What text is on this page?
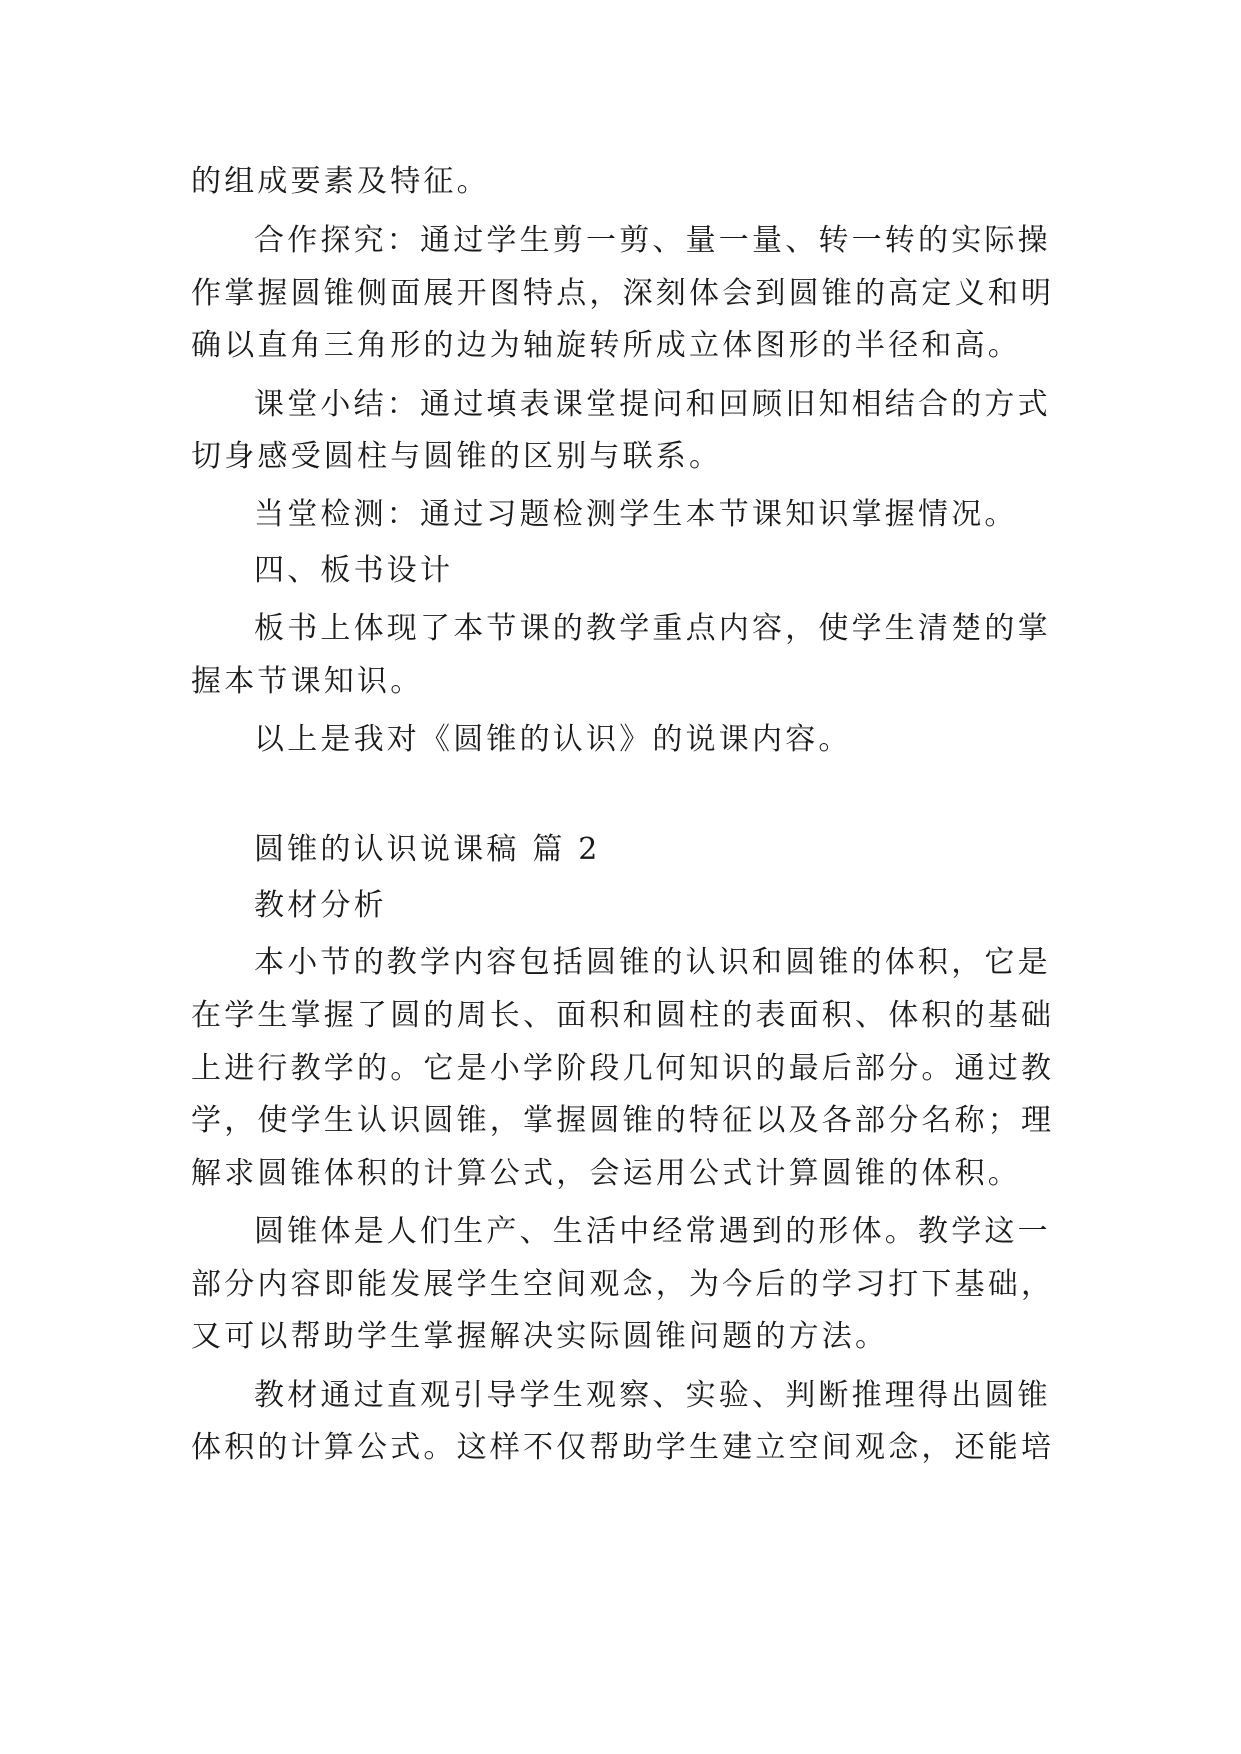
的组成要素及特征。
合作探究：通过学生剪一剪、量一量、转一转的实际操
作掌握圆锥侧面展开图特点，深刻体会到圆锥的高定义和明
确以直角三角形的边为轴旋转所成立体图形的半径和高。
课堂小结：通过填表课堂提问和回顾旧知相结合的方式
切身感受圆柱与圆锥的区别与联系。
当堂检测：通过习题检测学生本节课知识掌握情况。
四、板书设计
板书上体现了本节课的教学重点内容，使学生清楚的掌
握本节课知识。
以上是我对《圆锥的认识》的说课内容。
圆锥的认识说课稿 篇 2
教材分析
本小节的教学内容包括圆锥的认识和圆锥的体积，它是
在学生掌握了圆的周长、面积和圆柱的表面积、体积的基础
上进行教学的。它是小学阶段几何知识的最后部分。通过教
学，使学生认识圆锥，掌握圆锥的特征以及各部分名称；理
解求圆锥体积的计算公式，会运用公式计算圆锥的体积。
圆锥体是人们生产、生活中经常遇到的形体。教学这一
部分内容即能发展学生空间观念，为今后的学习打下基础，
又可以帮助学生掌握解决实际圆锥问题的方法。
教材通过直观引导学生观察、实验、判断推理得出圆锥
体积的计算公式。这样不仅帮助学生建立空间观念，还能培
